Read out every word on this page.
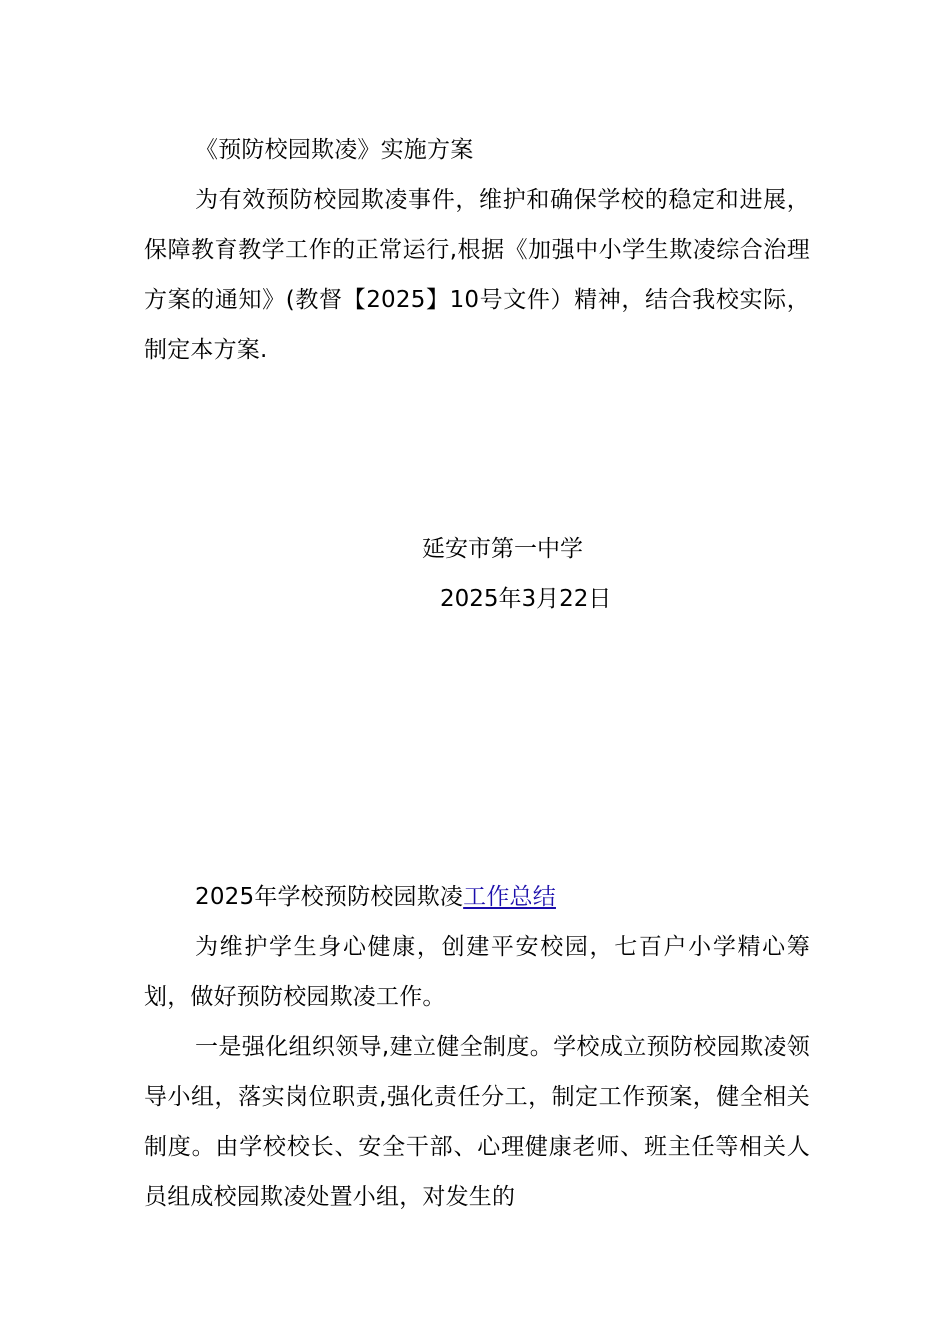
《预防校园欺凌》实施方案

为有效预防校园欺凌事件，维护和确保学校的稳定和进展，保障教育教学工作的正常运行,根据《加强中小学生欺凌综合治理方案的通知》(教督【2025】10号文件）精神，结合我校实际，制定本方案.

延安市第一中学
2025年3月22日

2025年学校预防校园欺凌工作总结

为维护学生身心健康，创建平安校园，七百户小学精心筹划，做好预防校园欺凌工作。

一是强化组织领导,建立健全制度。学校成立预防校园欺凌领导小组，落实岗位职责,强化责任分工，制定工作预案，健全相关制度。由学校校长、安全干部、心理健康老师、班主任等相关人员组成校园欺凌处置小组，对发生的
